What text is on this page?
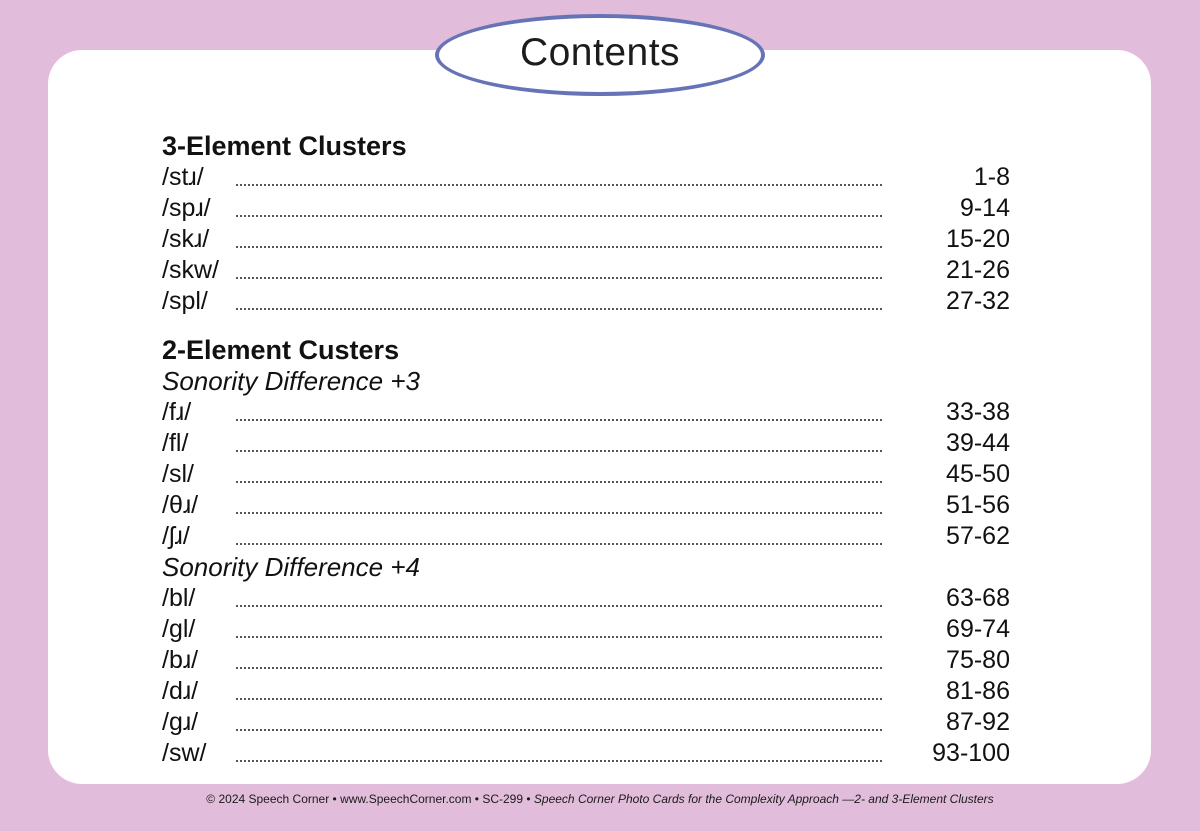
Contents
3-Element Clusters
/stɹ/	1-8
/spɹ/	9-14
/skɹ/	15-20
/skw/	21-26
/spl/	27-32
2-Element Custers
Sonority Difference +3
/fɹ/	33-38
/fl/	39-44
/sl/	45-50
/θɹ/	51-56
/ʃɹ/	57-62
Sonority Difference +4
/bl/	63-68
/gl/	69-74
/bɹ/	75-80
/dɹ/	81-86
/gɹ/	87-92
/sw/	93-100
© 2024 Speech Corner • www.SpeechCorner.com • SC-299 • Speech Corner Photo Cards for the Complexity Approach —2- and 3-Element Clusters
